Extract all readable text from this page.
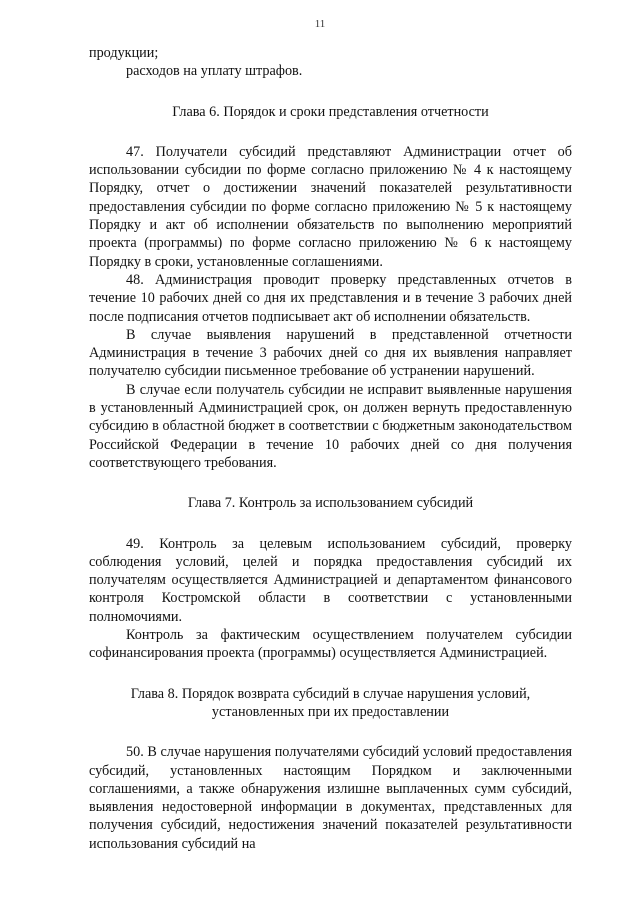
11

продукции;

расходов на уплату штрафов.

Глава 6. Порядок и сроки представления отчетности

47. Получатели субсидий представляют Администрации отчет об использовании субсидии по форме согласно приложению № 4 к настоящему Порядку, отчет о достижении значений показателей результативности предоставления субсидии по форме согласно приложению № 5 к настоящему Порядку и акт об исполнении обязательств по выполнению мероприятий проекта (программы) по форме согласно приложению № 6 к настоящему Порядку в сроки, установленные соглашениями.

48. Администрация проводит проверку представленных отчетов в течение 10 рабочих дней со дня их представления и в течение 3 рабочих дней после подписания отчетов подписывает акт об исполнении обязательств.

В случае выявления нарушений в представленной отчетности Администрация в течение 3 рабочих дней со дня их выявления направляет получателю субсидии письменное требование об устранении нарушений.

В случае если получатель субсидии не исправит выявленные нарушения в установленный Администрацией срок, он должен вернуть предоставленную субсидию в областной бюджет в соответствии с бюджетным законодательством Российской Федерации в течение 10 рабочих дней со дня получения соответствующего требования.

Глава 7. Контроль за использованием субсидий

49. Контроль за целевым использованием субсидий, проверку соблюдения условий, целей и порядка предоставления субсидий их получателям осуществляется Администрацией и департаментом финансового контроля Костромской области в соответствии с установленными полномочиями.

Контроль за фактическим осуществлением получателем субсидии софинансирования проекта (программы) осуществляется Администрацией.

Глава 8. Порядок возврата субсидий в случае нарушения условий,

установленных при их предоставлении

50. В случае нарушения получателями субсидий условий предоставления субсидий, установленных настоящим Порядком и заключенными соглашениями, а также обнаружения излишне выплаченных сумм субсидий, выявления недостоверной информации в документах, представленных для получения субсидий, недостижения значений показателей результативности использования субсидий на
